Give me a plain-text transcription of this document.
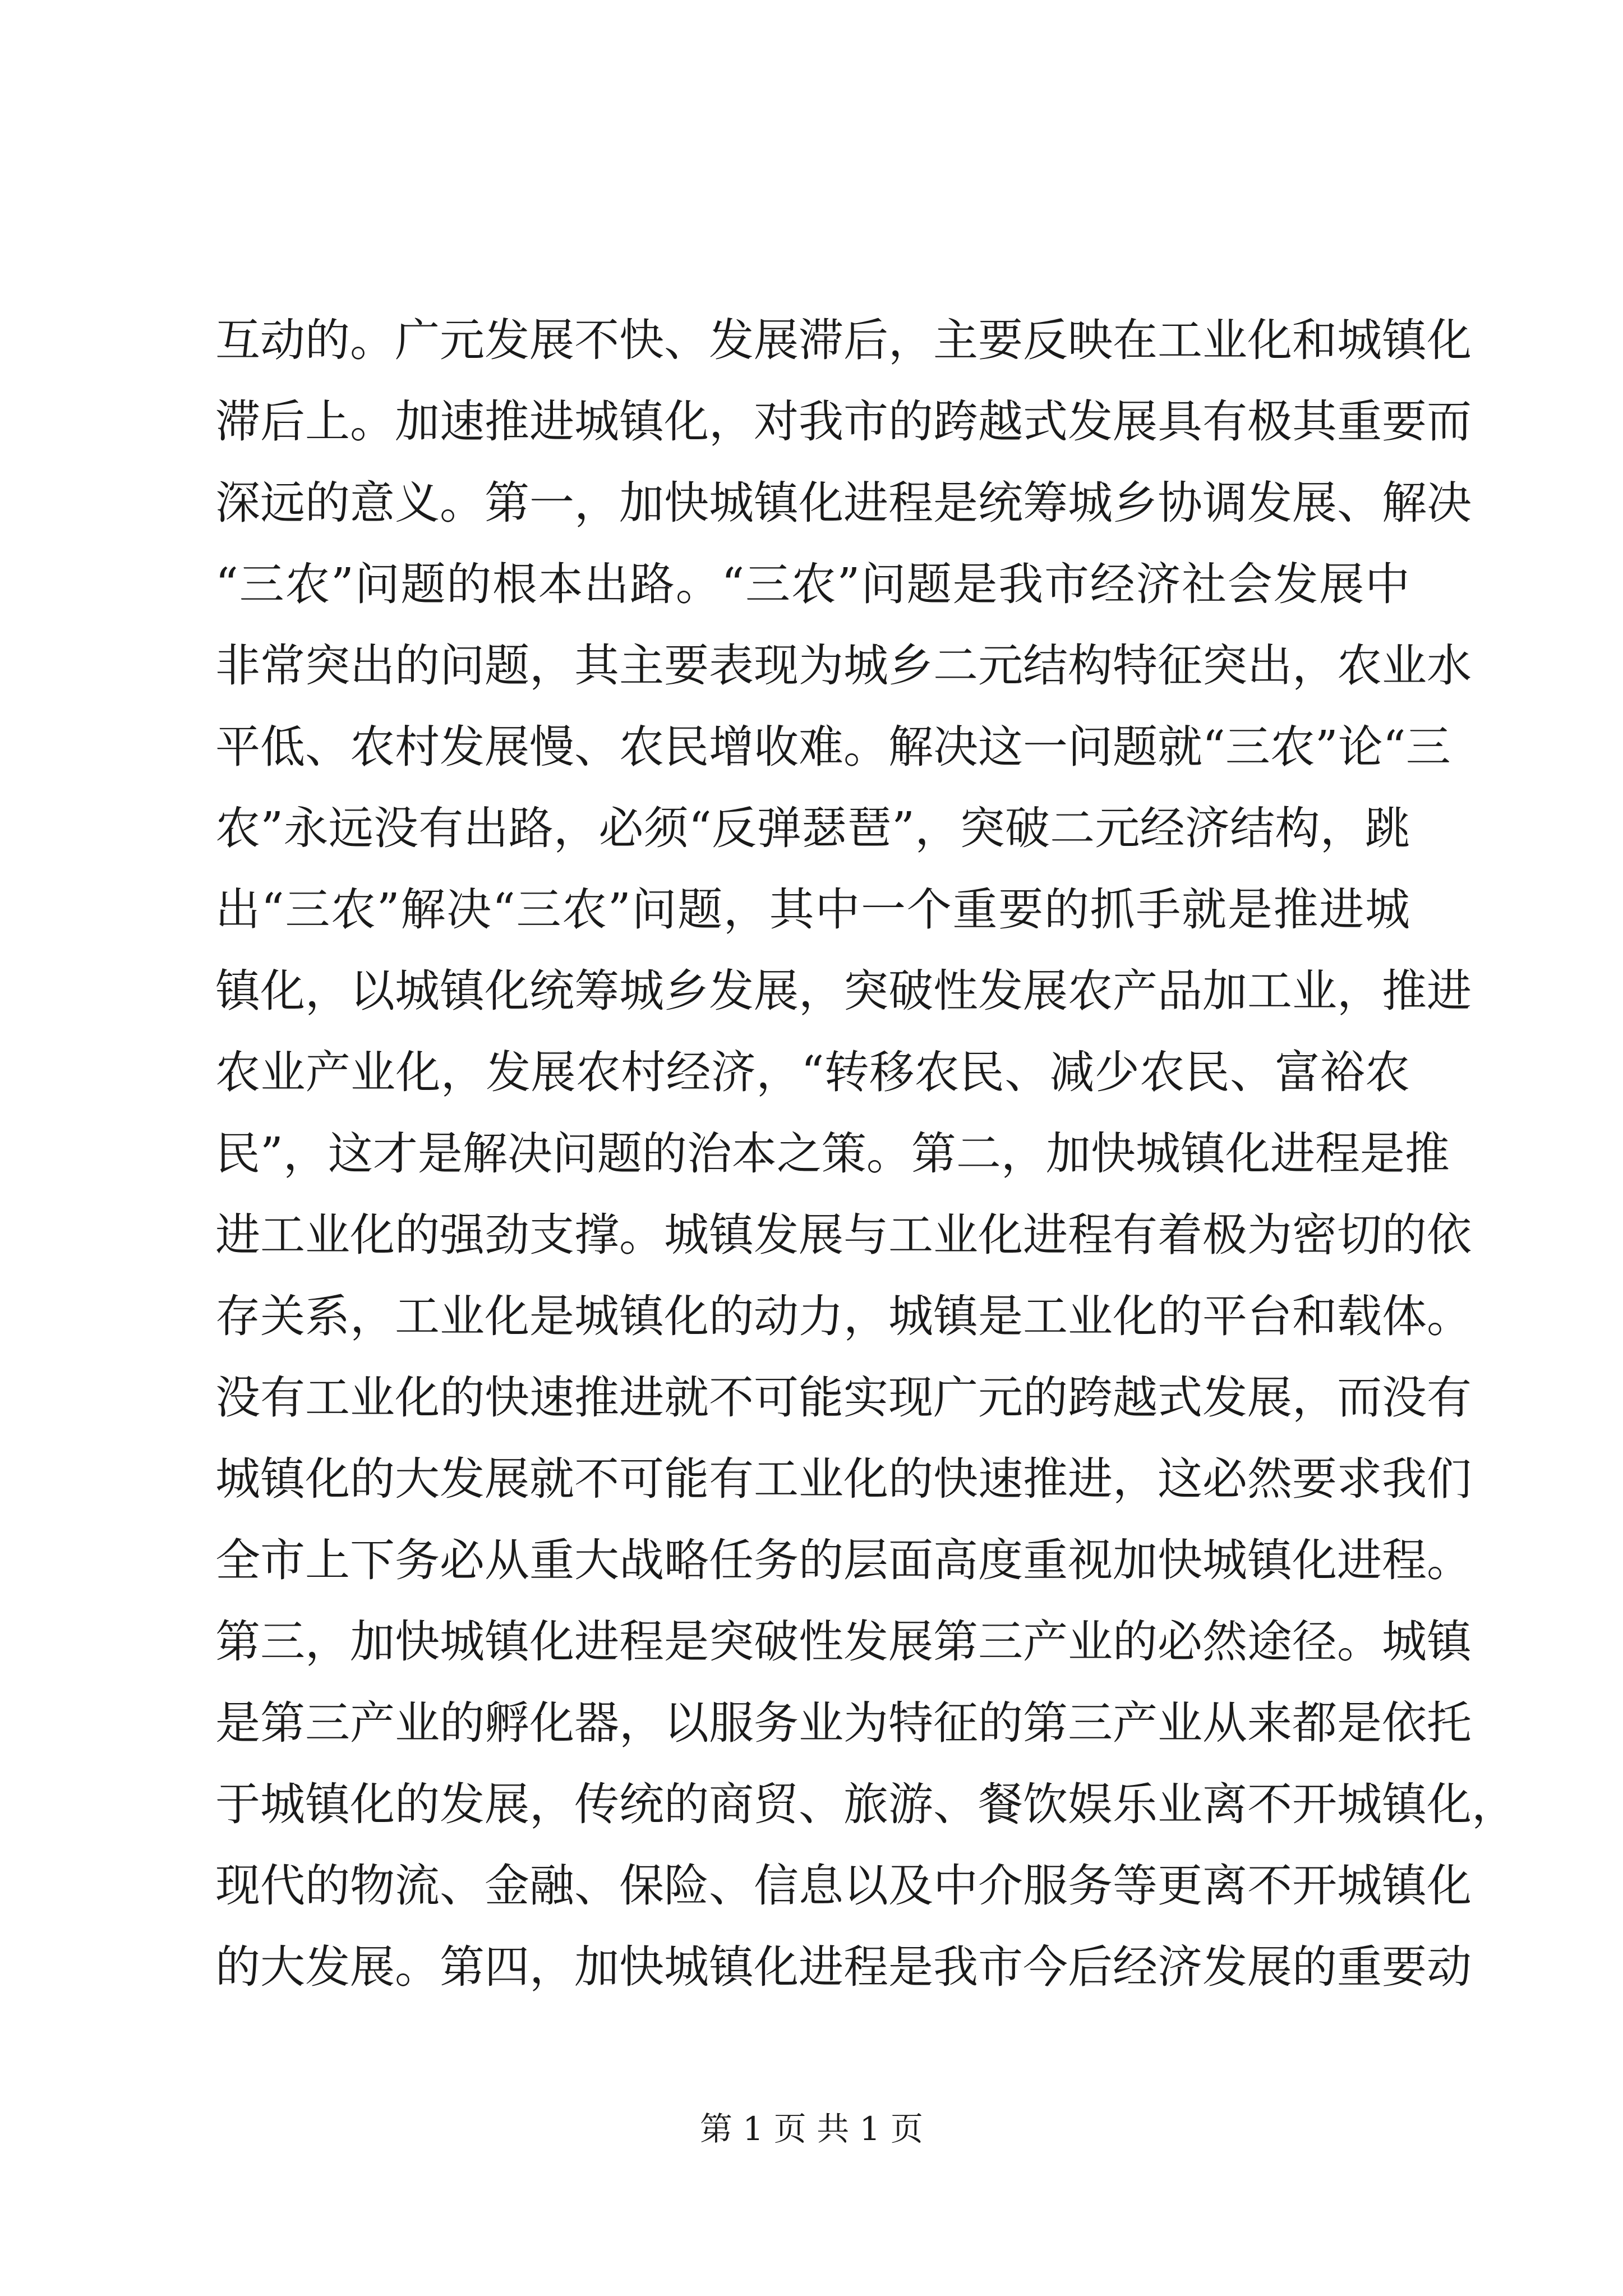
互动的。广元发展不快、发展滞后，主要反映在工业化和城镇化
滞后上。加速推进城镇化，对我市的跨越式发展具有极其重要而
深远的意义。第一，加快城镇化进程是统筹城乡协调发展、解决
“三农”问题的根本出路。“三农”问题是我市经济社会发展中
非常突出的问题，其主要表现为城乡二元结构特征突出，农业水
平低、农村发展慢、农民增收难。解决这一问题就“三农”论“三
农”永远没有出路，必须“反弹瑟琶”，突破二元经济结构，跳
出“三农”解决“三农”问题，其中一个重要的抓手就是推进城
镇化，以城镇化统筹城乡发展，突破性发展农产品加工业，推进
农业产业化，发展农村经济，“转移农民、减少农民、富裕农
民”，这才是解决问题的治本之策。第二，加快城镇化进程是推
进工业化的强劲支撑。城镇发展与工业化进程有着极为密切的依
存关系，工业化是城镇化的动力，城镇是工业化的平台和载体。
没有工业化的快速推进就不可能实现广元的跨越式发展，而没有
城镇化的大发展就不可能有工业化的快速推进，这必然要求我们
全市上下务必从重大战略任务的层面高度重视加快城镇化进程。
第三，加快城镇化进程是突破性发展第三产业的必然途径。城镇
是第三产业的孵化器，以服务业为特征的第三产业从来都是依托
于城镇化的发展，传统的商贸、旅游、餐饮娱乐业离不开城镇化，
现代的物流、金融、保险、信息以及中介服务等更离不开城镇化
的大发展。第四，加快城镇化进程是我市今后经济发展的重要动
第 1 页 共 1 页
